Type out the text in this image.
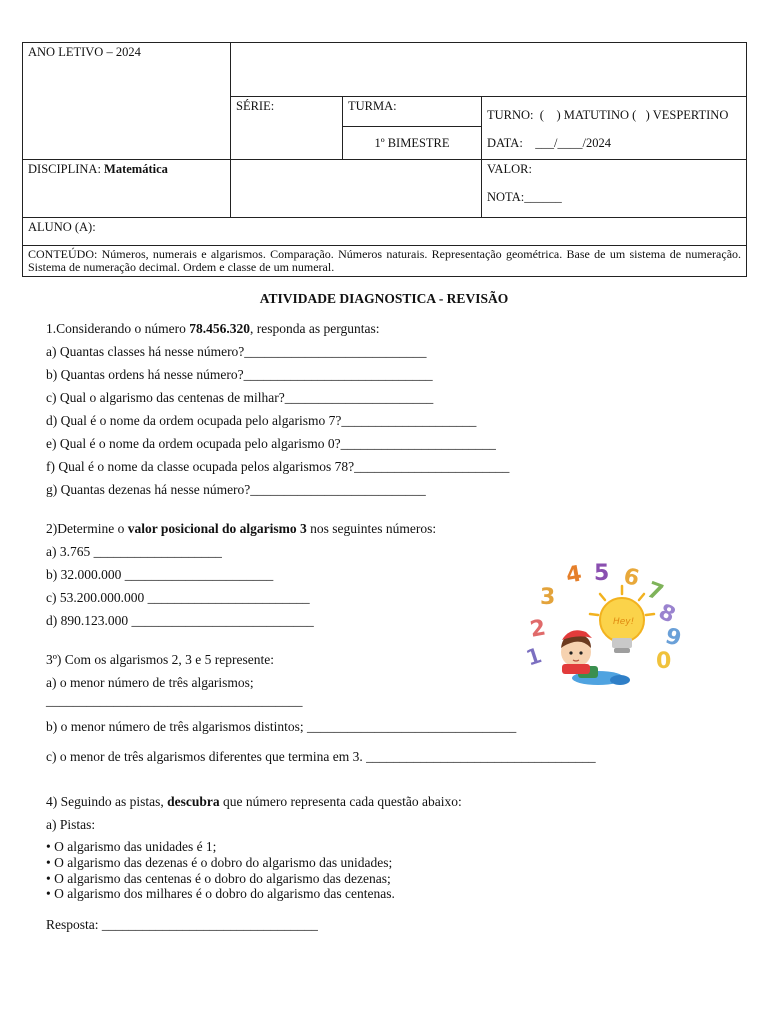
ANO LETIVO – 2024			
	SÉRIE:	TURMA:	TURNO:  (    ) MATUTINO (   ) VESPERTINO
DATA:    ___/____/2024

		1º BIMESTRE	
DISCIPLINA: Matemática			VALOR:
NOTA:______

ALUNO (A):			
CONTEÚDO: Números, numerais e algarismos. Comparação. Números naturais. Representação geométrica. Base de um sistema de numeração. Sistema de numeração decimal. Ordem e classe de um numeral.			
ATIVIDADE DIAGNOSTICA - REVISÃO
1.Considerando o número 78.456.320, responda as perguntas:
a) Quantas classes há nesse número?___________________________
b) Quantas ordens há nesse número?____________________________
c) Qual o algarismo das centenas de milhar?______________________
d) Qual é o nome da ordem ocupada pelo algarismo 7?____________________
e) Qual é o nome da ordem ocupada pelo algarismo 0?_______________________
f) Qual é o nome da classe ocupada pelos algarismos 78?_______________________
g) Quantas dezenas há nesse número?__________________________
2)Determine o valor posicional do algarismo 3 nos seguintes números:
a) 3.765 ___________________
b) 32.000.000 ______________________
c) 53.200.000.000 ________________________
d) 890.123.000 ___________________________
3º) Com os algarismos 2, 3 e 5 represente:
a) o menor número de três algarismos;
______________________________________
b) o menor número de três algarismos distintos; _______________________________
c) o menor de três algarismos diferentes que termina em 3. __________________________________
4) Seguindo as pistas, descubra que número representa cada questão abaixo:
a) Pistas:
• O algarismo das unidades é 1;
• O algarismo das dezenas é o dobro do algarismo das unidades;
• O algarismo das centenas é o dobro do algarismo das dezenas;
• O algarismo dos milhares é o dobro do algarismo das centenas.
Resposta: ________________________________
1
2
3
4 5 6 7
8
9
0
Hey!
